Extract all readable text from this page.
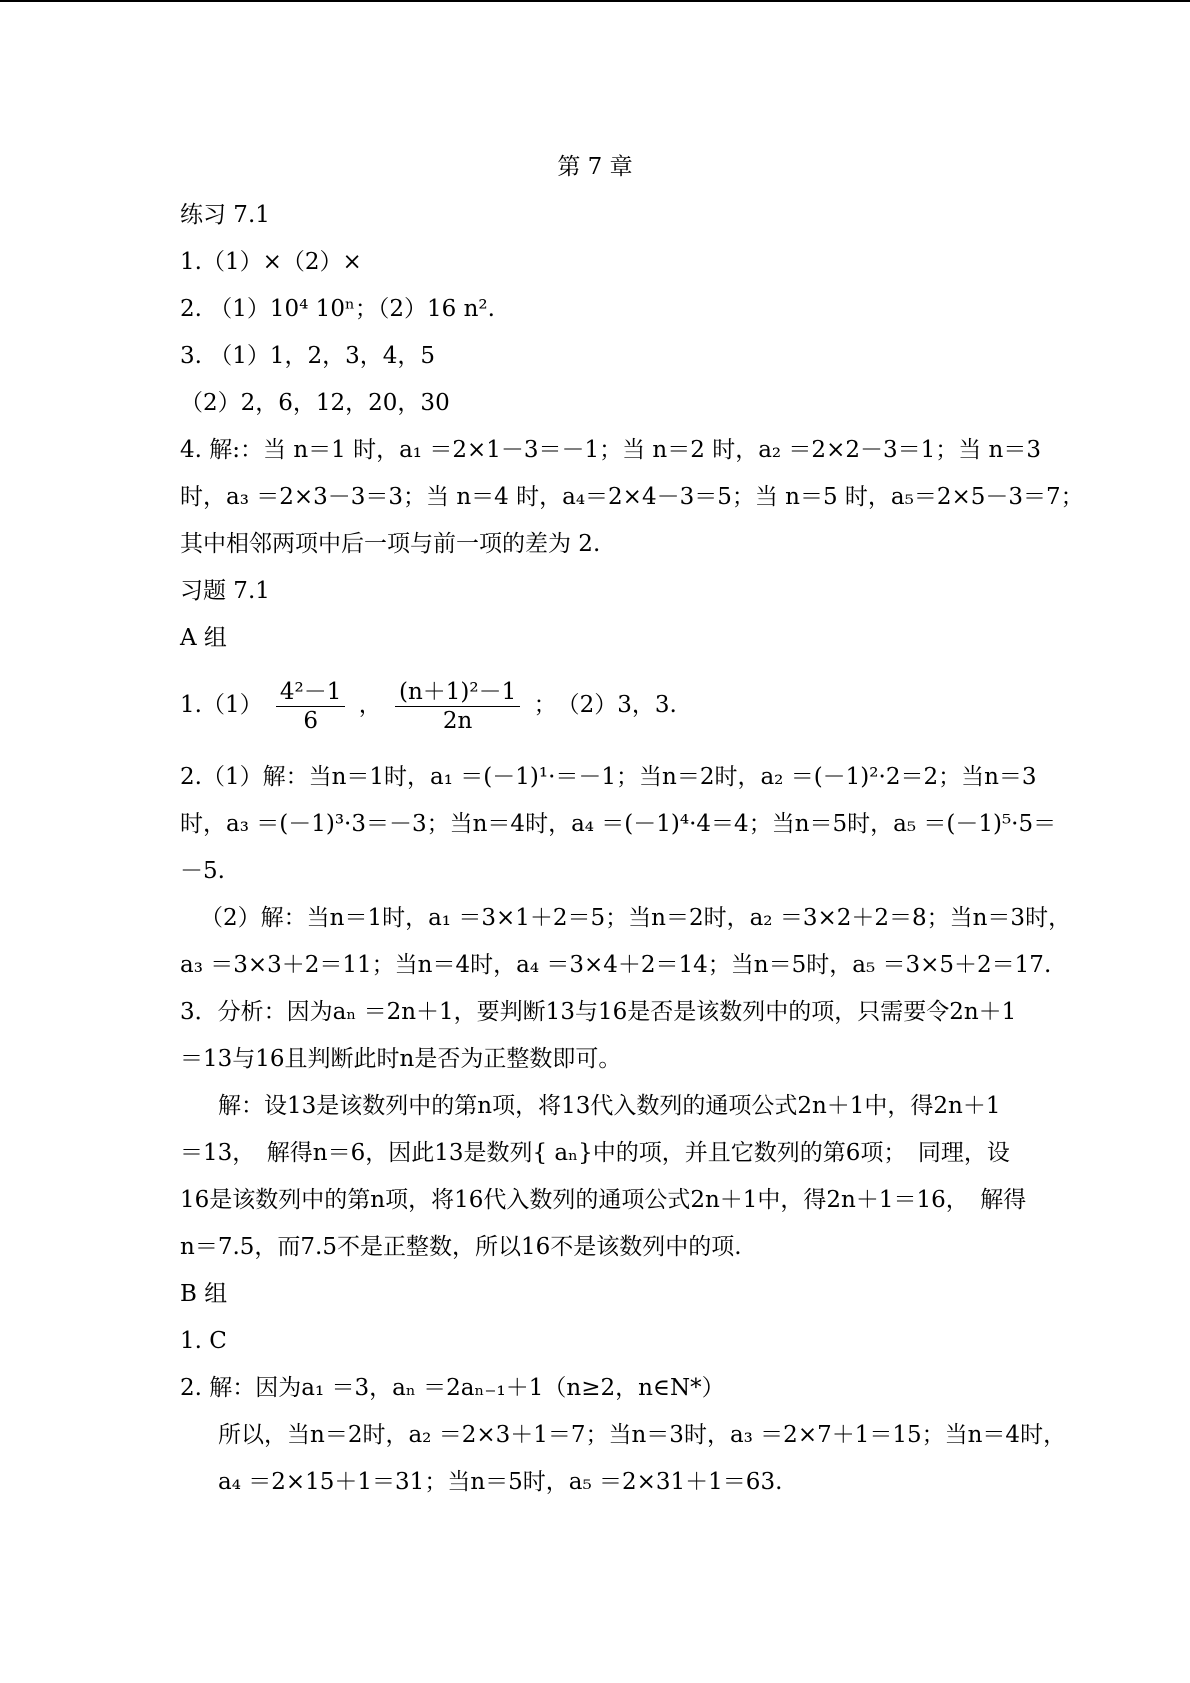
第 7 章
练习 7.1
1.（1）×（2）×
2. （1）10⁴ 10ⁿ；（2）16 n².
3. （1）1，2，3，4，5
（2）2，6，12，20，30
4. 解:：当 n＝1 时，a₁ ＝2×1－3＝－1；当 n＝2 时，a₂ ＝2×2－3＝1；当 n＝3
时，a₃ ＝2×3－3＝3；当 n＝4 时，a₄＝2×4－3＝5；当 n＝5 时，a₅＝2×5－3＝7；
其中相邻两项中后一项与前一项的差为 2.
习题 7.1
A 组
$1.(1) \frac{\text{4²－1}}{6}$ ， $\frac{\text{(n＋1)²－1}}{2n}$ ；　（2）3，3.
2.（1）解：当n＝1时，a₁ ＝(－1)¹·＝－1；当n＝2时，a₂ ＝(－1)²·2＝2；当n＝3
时，a₃ ＝(－1)³·3＝－3；当n＝4时，a₄ ＝(－1)⁴·4＝4；当n＝5时，a₅ ＝(－1)⁵·5＝
－5.
（2）解：当n＝1时，a₁ ＝3×1＋2＝5；当n＝2时，a₂ ＝3×2＋2＝8；当n＝3时，
a₃ ＝3×3＋2＝11；当n＝4时，a₄ ＝3×4＋2＝14；当n＝5时，a₅ ＝3×5＋2＝17.
3．分析：因为aₙ ＝2n＋1，要判断13与16是否是该数列中的项，只需要令2n＋1
＝13与16且判断此时n是否为正整数即可。
解：设13是该数列中的第n项，将13代入数列的通项公式2n＋1中，得2n＋1
＝13，　解得n＝6，因此13是数列{ aₙ}中的项，并且它数列的第6项；　同理，设
16是该数列中的第n项，将16代入数列的通项公式2n＋1中，得2n＋1＝16，　解得
n＝7.5，而7.5不是正整数，所以16不是该数列中的项.
B 组
1. C
2. 解：因为a₁ ＝3，aₙ ＝2aₙ₋₁＋1（n≥2，n∈N*）
所以，当n＝2时，a₂ ＝2×3＋1＝7；当n＝3时，a₃ ＝2×7＋1＝15；当n＝4时，
a₄ ＝2×15＋1＝31；当n＝5时，a₅ ＝2×31＋1＝63.
